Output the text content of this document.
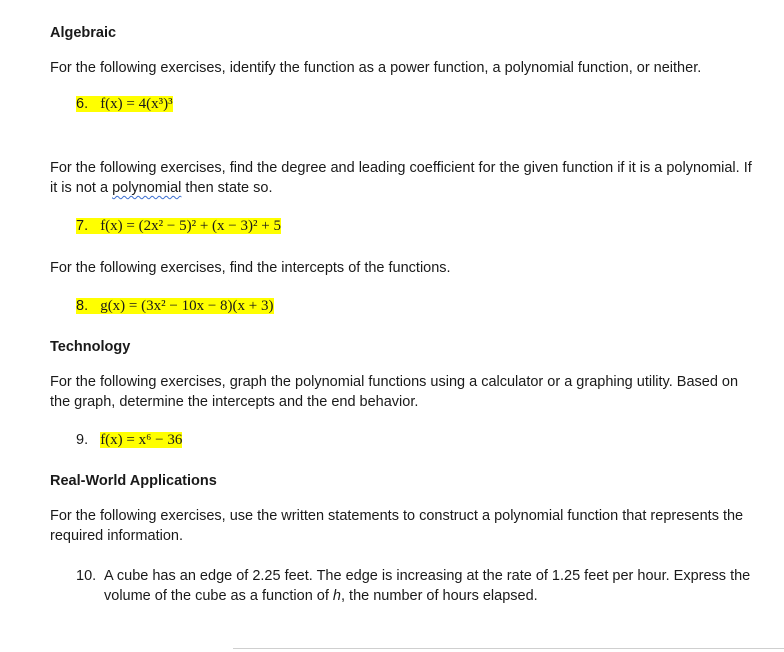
Algebraic
For the following exercises, identify the function as a power function, a polynomial function, or neither.
6. f(x) = 4(x³)³
For the following exercises, find the degree and leading coefficient for the given function if it is a polynomial. If it is not a polynomial then state so.
7. f(x) = (2x² − 5)² + (x − 3)² + 5
For the following exercises, find the intercepts of the functions.
8. g(x) = (3x² − 10x − 8)(x + 3)
Technology
For the following exercises, graph the polynomial functions using a calculator or a graphing utility. Based on the graph, determine the intercepts and the end behavior.
9. f(x) = x⁶ − 36
Real-World Applications
For the following exercises, use the written statements to construct a polynomial function that represents the required information.
10. A cube has an edge of 2.25 feet. The edge is increasing at the rate of 1.25 feet per hour. Express the volume of the cube as a function of h, the number of hours elapsed.
